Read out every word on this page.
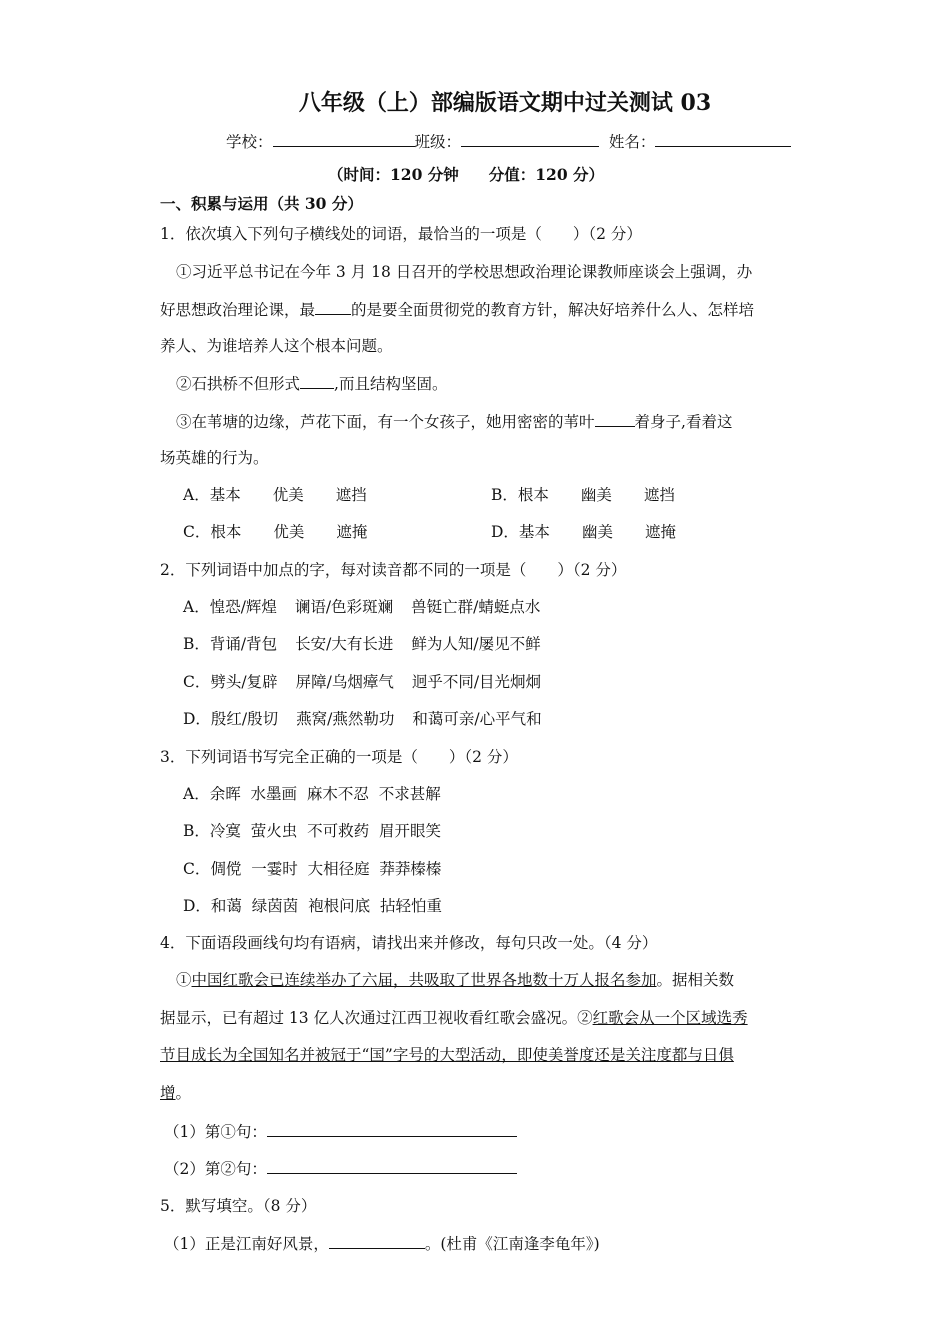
八年级（上）部编版语文期中过关测试 03
学校：	班级：	姓名：
（时间：120 分钟 分值：120 分）
一、积累与运用（共 30 分）
1．依次填入下列句子横线处的词语，最恰当的一项是（　　）（2 分）
①习近平总书记在今年 3 月 18 日召开的学校思想政治理论课教师座谈会上强调，办
好思想政治理论课，最 的是要全面贯彻党的教育方针，解决好培养什么人、怎样培
养人、为谁培养人这个根本问题。
②石拱桥不但形式 ,而且结构坚固。
③在苇塘的边缘，芦花下面，有一个女孩子，她用密密的苇叶	着身子,看着这
场英雄的行为。
A．基本 优美 遮挡	B．根本 幽美 遮挡
C．根本 优美 遮掩	D．基本 幽美 遮掩
2．下列词语中加点的字，每对读音都不同的一项是（　　）（2 分）
A．惶恐/辉煌 谰语/色彩斑斓 兽铤亡群/蜻蜓点水
B．背诵/背包 长安/大有长进 鲜为人知/屡见不鲜
C．劈头/复辟 屏障/乌烟瘴气 迥乎不同/目光炯炯
D．殷红/殷切 燕窝/燕然勒功 和蔼可亲/心平气和
3．下列词语书写完全正确的一项是（　　）（2 分）
A．余晖  水墨画  麻木不忍  不求甚解
B．冷寞  萤火虫  不可救药  眉开眼笑
C．倜傥  一霎时  大相径庭  莽莽榛榛
D．和蔼  绿茵茵  袍根问底  拈轻怕重
4．下面语段画线句均有语病，请找出来并修改，每句只改一处。（4 分）
①中国红歌会已连续举办了六届，共吸取了世界各地数十万人报名参加。据相关数
据显示，已有超过 13 亿人次通过江西卫视收看红歌会盛况。②红歌会从一个区域选秀
节目成长为全国知名并被冠于“国”字号的大型活动，即使美誉度还是关注度都与日俱
增。
（1）第①句：
（2）第②句：
5．默写填空。（8 分）
（1）正是江南好风景，	。(杜甫《江南逢李龟年》)
